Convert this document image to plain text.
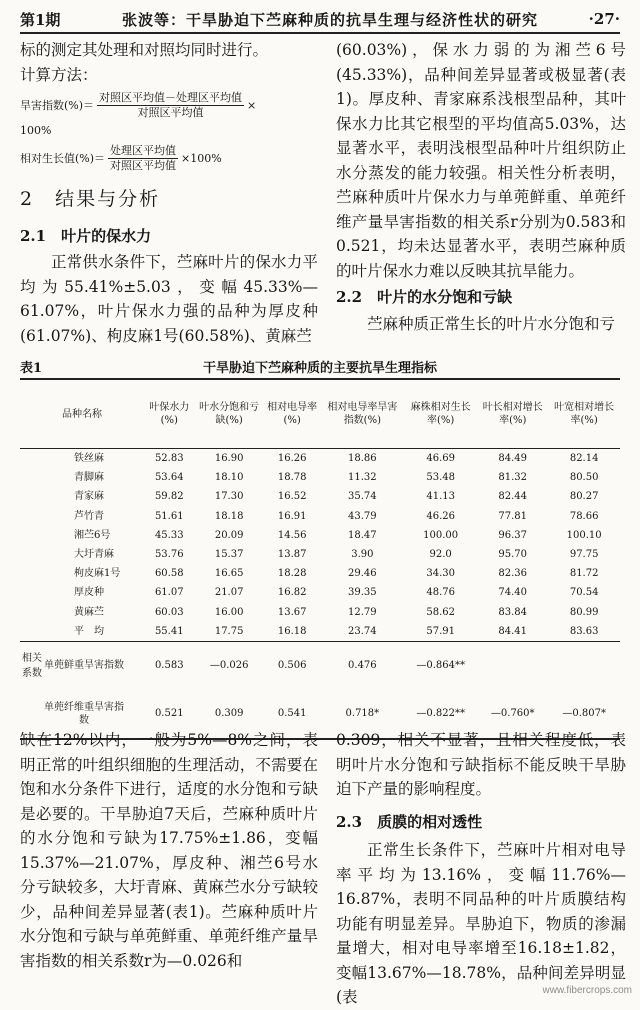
第1期	张波等：干旱胁迫下苎麻种质的抗旱生理与经济性状的研究	·27·

标的测定其处理和对照均同时进行。

计算方法：

旱害指数(%)＝ $\frac{\text{对照区平均值－处理区平均值}}{\text{对照区平均值}}$ ×
100%
相对生长值(%)＝ $\frac{\text{处理区平均值}}{\text{对照区平均值}} \times 100\%$
2　结果与分析
2.1　叶片的保水力

正常供水条件下，苎麻叶片的保水力平均为55.41%±5.03，变幅45.33%—61.07%，叶片保水力强的品种为厚皮种(61.07%)、枸皮麻1号(60.58%)、黄麻苎

(60.03%)，保水力弱的为湘苎6号(45.33%)，品种间差异显著或极显著(表1)。厚皮种、青家麻系浅根型品种，其叶保水力比其它根型的平均值高5.03%，达显著水平，表明浅根型品种叶片组织防止水分蒸发的能力较强。相关性分析表明，苎麻种质叶片保水力与单蔸鲜重、单蔸纤维产量旱害指数的相关系r分别为0.583和0.521，均未达显著水平，表明苎麻种质的叶片保水力难以反映其抗旱能力。

2.2　叶片的水分饱和亏缺

苎麻种质正常生长的叶片水分饱和亏

表1	干旱胁迫下苎麻种质的主要抗旱生理指标
品种名称	叶保水力(%)	叶水分饱和亏缺(%)	相对电导率(%)	相对电导率旱害指数(%)	麻株相对生长率(%)	叶长相对增长率(%)	叶宽相对增长率(%)
铁丝麻	52.83	16.90	16.26	18.86	46.69	84.49	82.14
青脚麻	53.64	18.10	18.78	11.32	53.48	81.32	80.50
青家麻	59.82	17.30	16.52	35.74	41.13	82.44	80.27
芦竹青	51.61	18.18	16.91	43.79	46.26	77.81	78.66
湘苎6号	45.33	20.09	14.56	18.47	100.00	96.37	100.10
大圩青麻	53.76	15.37	13.87	3.90	92.0	95.70	97.75
枸皮麻1号	60.58	16.65	18.28	29.46	34.30	82.36	81.72
厚皮种	61.07	21.07	16.82	39.35	48.76	74.40	70.54
黄麻苎	60.03	16.00	13.67	12.79	58.62	83.84	80.99
平　均	55.41	17.75	16.18	23.74	57.91	84.41	83.63

相关系数
单蔸鲜重旱害指数	0.583	—0.026	0.506	0.476	—0.864**		

单蔸纤维重旱害指数	0.521	0.309	0.541	0.718*	—0.822**	—0.760*	—0.807*

缺在12%以内，一般为5%—8%之间，表明正常的叶组织细胞的生理活动，不需要在饱和水分条件下进行，适度的水分饱和亏缺是必要的。干旱胁迫7天后，苎麻种质叶片的水分饱和亏缺为17.75%±1.86，变幅15.37%—21.07%，厚皮种、湘苎6号水分亏缺较多，大圩青麻、黄麻苎水分亏缺较少，品种间差异显著(表1)。苎麻种质叶片水分饱和亏缺与单蔸鲜重、单蔸纤维产量旱害指数的相关系数r为—0.026和

0.309，相关不显著，且相关程度低，表明叶片水分饱和亏缺指标不能反映干旱胁迫下产量的影响程度。

2.3　质膜的相对透性

正常生长条件下，苎麻叶片相对电导率平均为13.16%，变幅11.76%—16.87%，表明不同品种的叶片质膜结构功能有明显差异。旱胁迫下，物质的渗漏量增大，相对电导率增至16.18±1.82，变幅13.67%—18.78%，品种间差异明显(表	www.fibercrops.com
